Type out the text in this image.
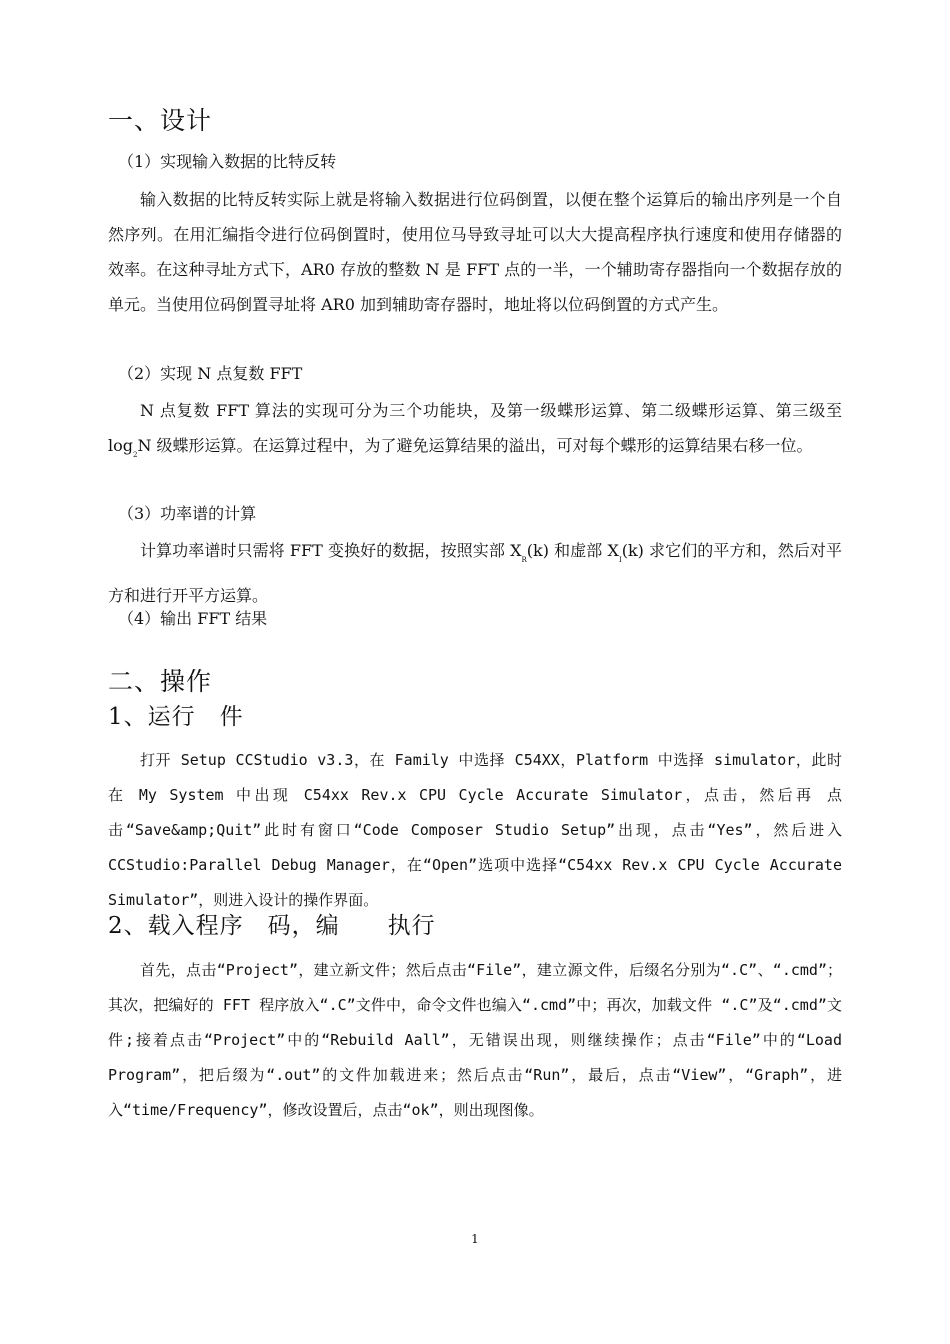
一、设计
（1）实现输入数据的比特反转

输入数据的比特反转实际上就是将输入数据进行位码倒置，以便在整个运算后的输出序列是一个自然序列。在用汇编指令进行位码倒置时，使用位马导致寻址可以大大提高程序执行速度和使用存储器的效率。在这种寻址方式下，AR0 存放的整数 N 是 FFT 点的一半，一个辅助寄存器指向一个数据存放的单元。当使用位码倒置寻址将 AR0 加到辅助寄存器时，地址将以位码倒置的方式产生。

（2）实现 N 点复数 FFT

N 点复数 FFT 算法的实现可分为三个功能块，及第一级蝶形运算、第二级蝶形运算、第三级至 $\log_2N$ 级蝶形运算。在运算过程中，为了避免运算结果的溢出，可对每个蝶形的运算结果右移一位。

（3）功率谱的计算

计算功率谱时只需将 FFT 变换好的数据，按照实部 $X_R(k)$ 和虚部 $X_I(k)$ 求它们的平方和，然后对平方和进行开平方运算。

（4）输出 FFT 结果
二、操作
1、运行　件

打开 Setup CCStudio v3.3，在 Family 中选择 C54XX，Platform 中选择 simulator，此时在 My System 中出现 C54xx Rev.x CPU Cycle Accurate Simulator，点击，然后再 点击“Save&amp;Quit”此时有窗口“Code Composer Studio Setup”出现，点击“Yes”，然后进入 CCStudio:Parallel Debug Manager，在“Open”选项中选择“C54xx Rev.x CPU Cycle Accurate Simulator”，则进入设计的操作界面。

2、载入程序　码，编　　执行

首先，点击“Project”，建立新文件；然后点击“File”，建立源文件，后缀名分别为“.C”、“.cmd”；其次，把编好的 FFT 程序放入“.C”文件中，命令文件也编入“.cmd”中；再次，加载文件 “.C”及“.cmd”文件;接着点击“Project”中的“Rebuild Aall”，无错误出现，则继续操作；点击“File”中的“Load Program”，把后缀为“.out”的文件加载进来；然后点击“Run”，最后，点击“View”，“Graph”，进入“time/Frequency”，修改设置后，点击“ok”，则出现图像。

1
